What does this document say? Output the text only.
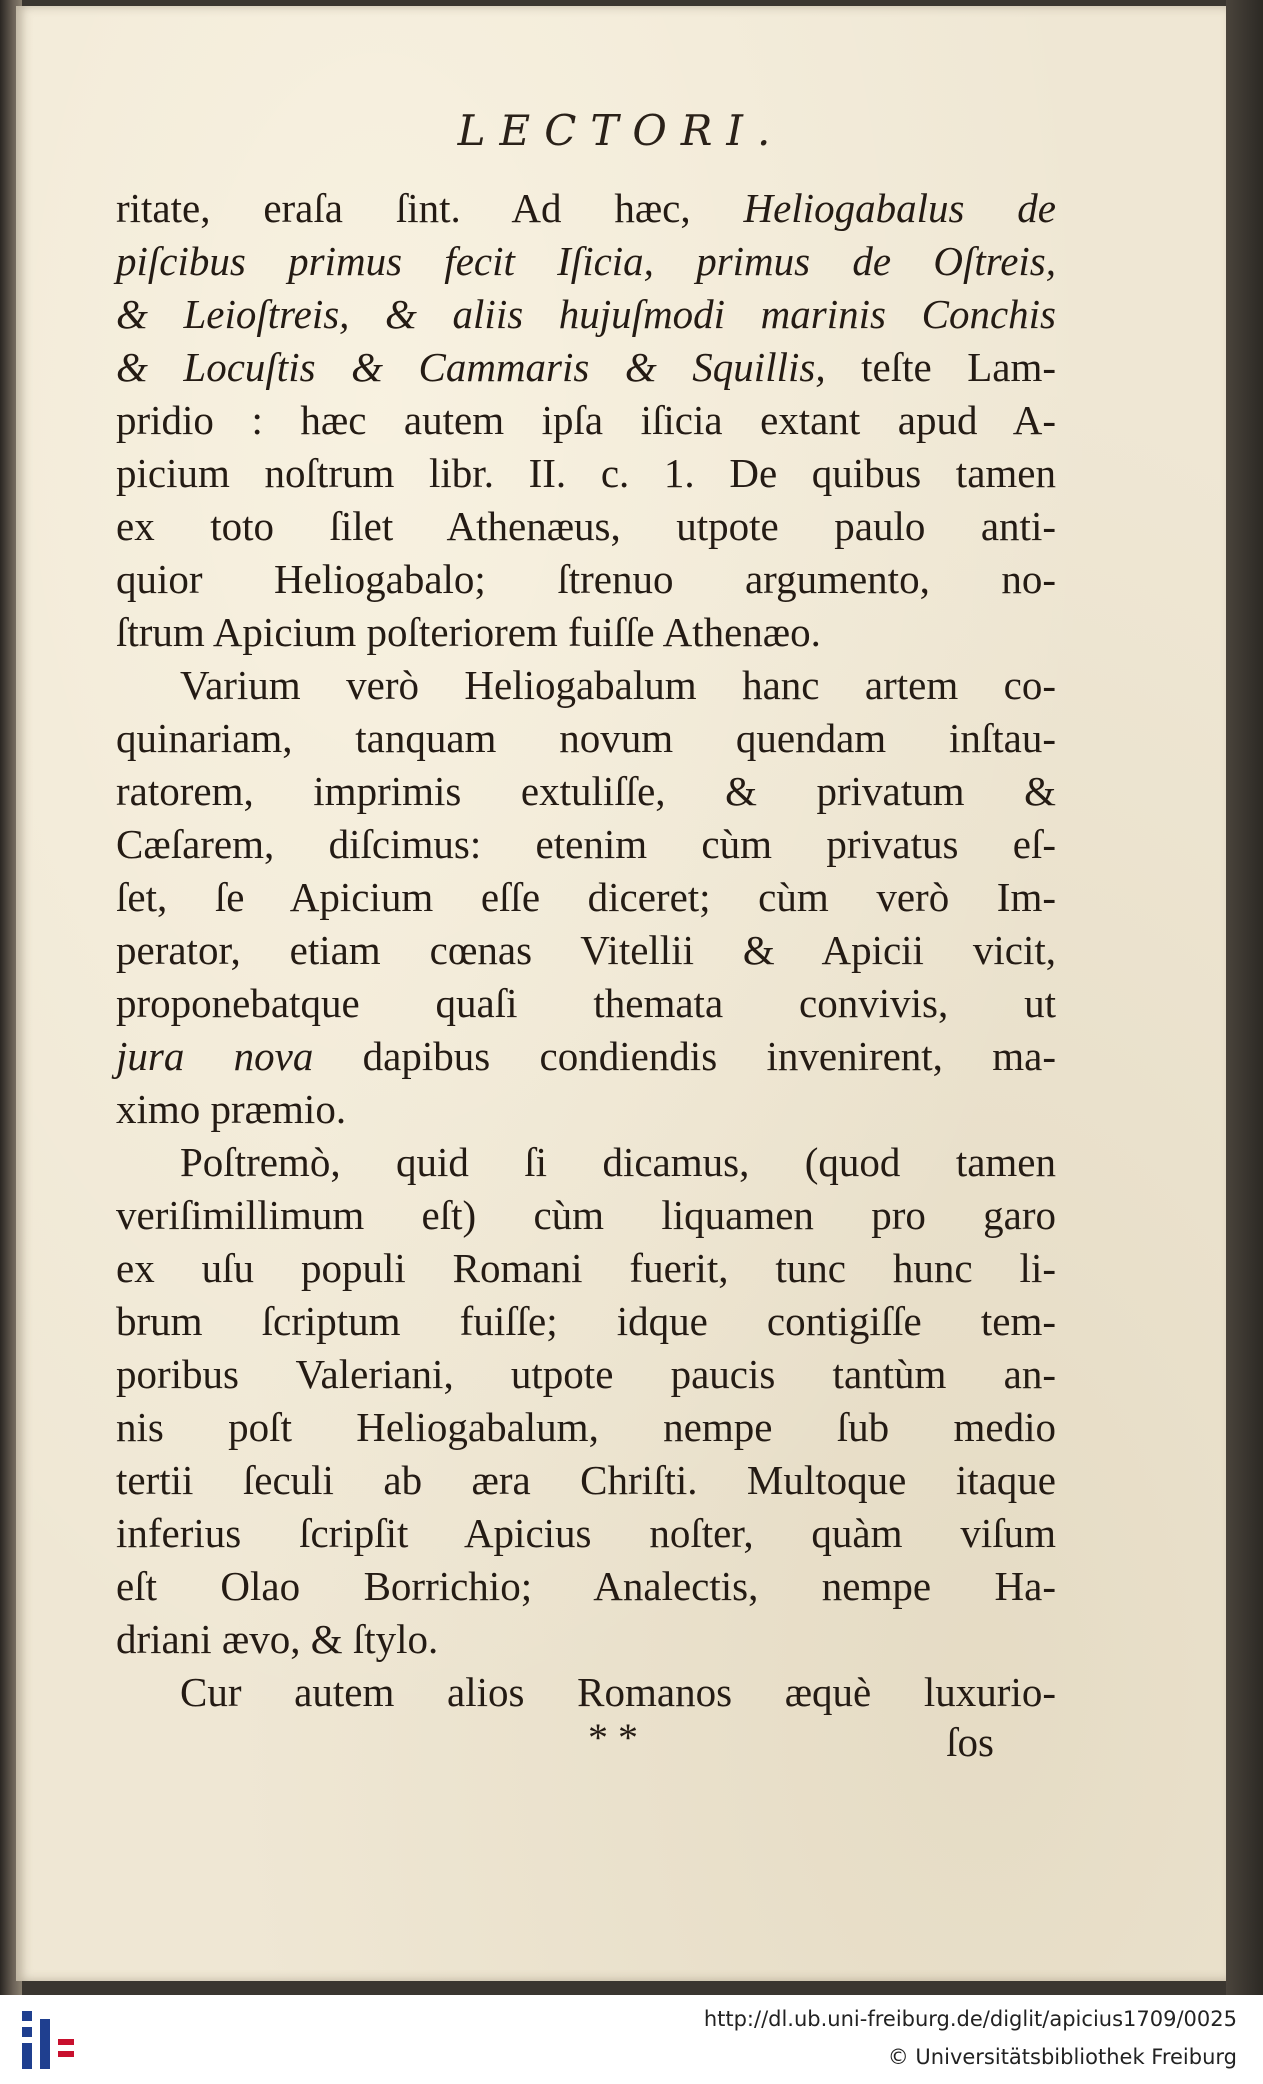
LECTORI.
ritate, eraſa ſint. Ad hæc, Heliogabalus de
piſcibus primus fecit Iſicia, primus de Oſtreis,
& Leioſtreis, & aliis hujuſmodi marinis Conchis
& Locuſtis & Cammaris & Squillis, teſte Lam-
pridio : hæc autem ipſa iſicia extant apud A-
picium noſtrum libr. II. c. 1. De quibus tamen
ex toto ſilet Athenæus, utpote paulo anti-
quior Heliogabalo; ſtrenuo argumento, no-
ſtrum Apicium poſteriorem fuiſſe Athenæo.
Varium verò Heliogabalum hanc artem co-
quinariam, tanquam novum quendam inſtau-
ratorem, imprimis extuliſſe, & privatum &
Cæſarem, diſcimus: etenim cùm privatus eſ-
ſet, ſe Apicium eſſe diceret; cùm verò Im-
perator, etiam cœnas Vitellii & Apicii vicit,
proponebatque quaſi themata convivis, ut
jura nova dapibus condiendis invenirent, ma-
ximo præmio.
Poſtremò, quid ſi dicamus, (quod tamen
veriſimillimum eſt) cùm liquamen pro garo
ex uſu populi Romani fuerit, tunc hunc li-
brum ſcriptum fuiſſe; idque contigiſſe tem-
poribus Valeriani, utpote paucis tantùm an-
nis poſt Heliogabalum, nempe ſub medio
tertii ſeculi ab æra Chriſti. Multoque itaque
inferius ſcripſit Apicius noſter, quàm viſum
eſt Olao Borrichio; Analectis, nempe Ha-
driani ævo, & ſtylo.
Cur autem alios Romanos æquè luxurio-
* *	ſos
http://dl.ub.uni-freiburg.de/diglit/apicius1709/0025
© Universitätsbibliothek Freiburg
